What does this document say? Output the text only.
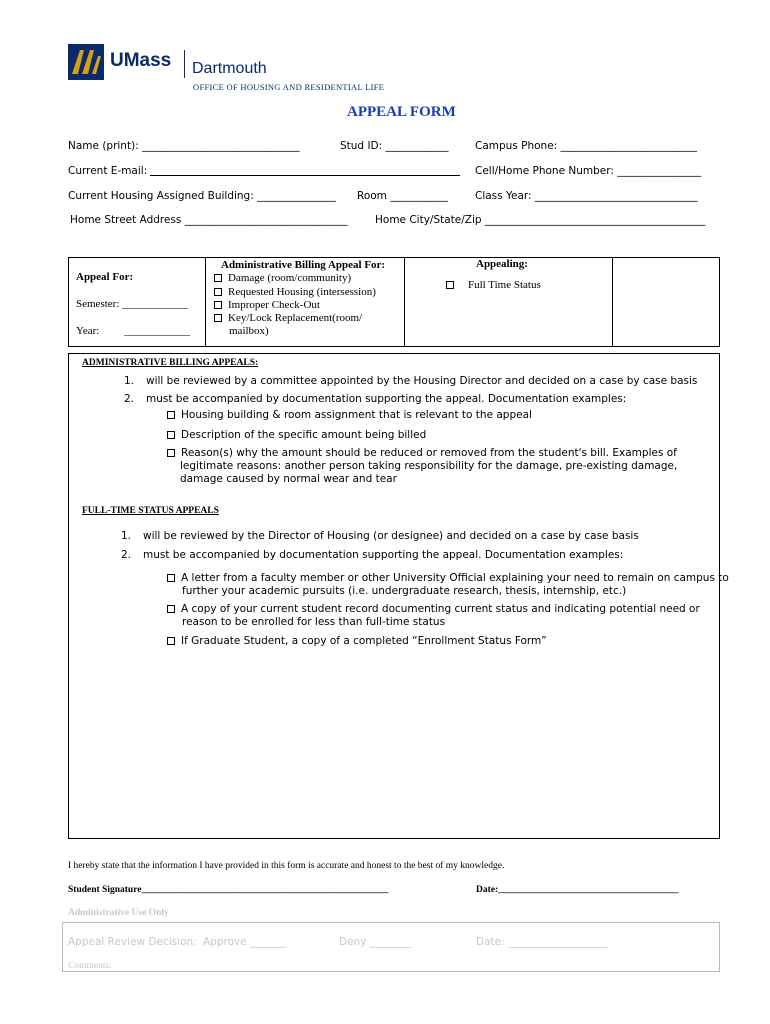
UMass Dartmouth
OFFICE OF HOUSING AND RESIDENTIAL LIFE
APPEAL FORM
Name (print): ______________________________	Stud ID: ____________	Campus Phone: __________________________
Current E-mail:	Cell/Home Phone Number: ________________
Current Housing Assigned Building: _______________ Room ___________	Class Year: _______________________________
Home Street Address _______________________________	Home City/State/Zip __________________________________________
Appeal For:
Semester: ____________
Year:         ____________
Administrative Billing Appeal For:
Damage (room/community)
Requested Housing (intersession)
Improper Check-Out
Key/Lock Replacement(room/
mailbox)
Appealing:
Full Time Status
ADMINISTRATIVE BILLING APPEALS:
1. will be reviewed by a committee appointed by the Housing Director and decided on a case by case basis
2. must be accompanied by documentation supporting the appeal. Documentation examples:
Housing building & room assignment that is relevant to the appeal
Description of the specific amount being billed
Reason(s) why the amount should be reduced or removed from the student's bill. Examples of
legitimate reasons: another person taking responsibility for the damage, pre-existing damage,
damage caused by normal wear and tear
FULL-TIME STATUS APPEALS
1. will be reviewed by the Director of Housing (or designee) and decided on a case by case basis
2. must be accompanied by documentation supporting the appeal. Documentation examples:
A letter from a faculty member or other University Official explaining your need to remain on campus to
further your academic pursuits (i.e. undergraduate research, thesis, internship, etc.)
A copy of your current student record documenting current status and indicating potential need or
reason to be enrolled for less than full-time status
If Graduate Student, a copy of a completed “Enrollment Status Form”
I hereby state that the information I have provided in this form is accurate and honest to the best of my knowledge.
Student Signature____________________________________________________	Date:______________________________________
Administrative Use Only
Appeal Review Decision: Approve _______	Deny ________	Date: ___________________
Comments:
